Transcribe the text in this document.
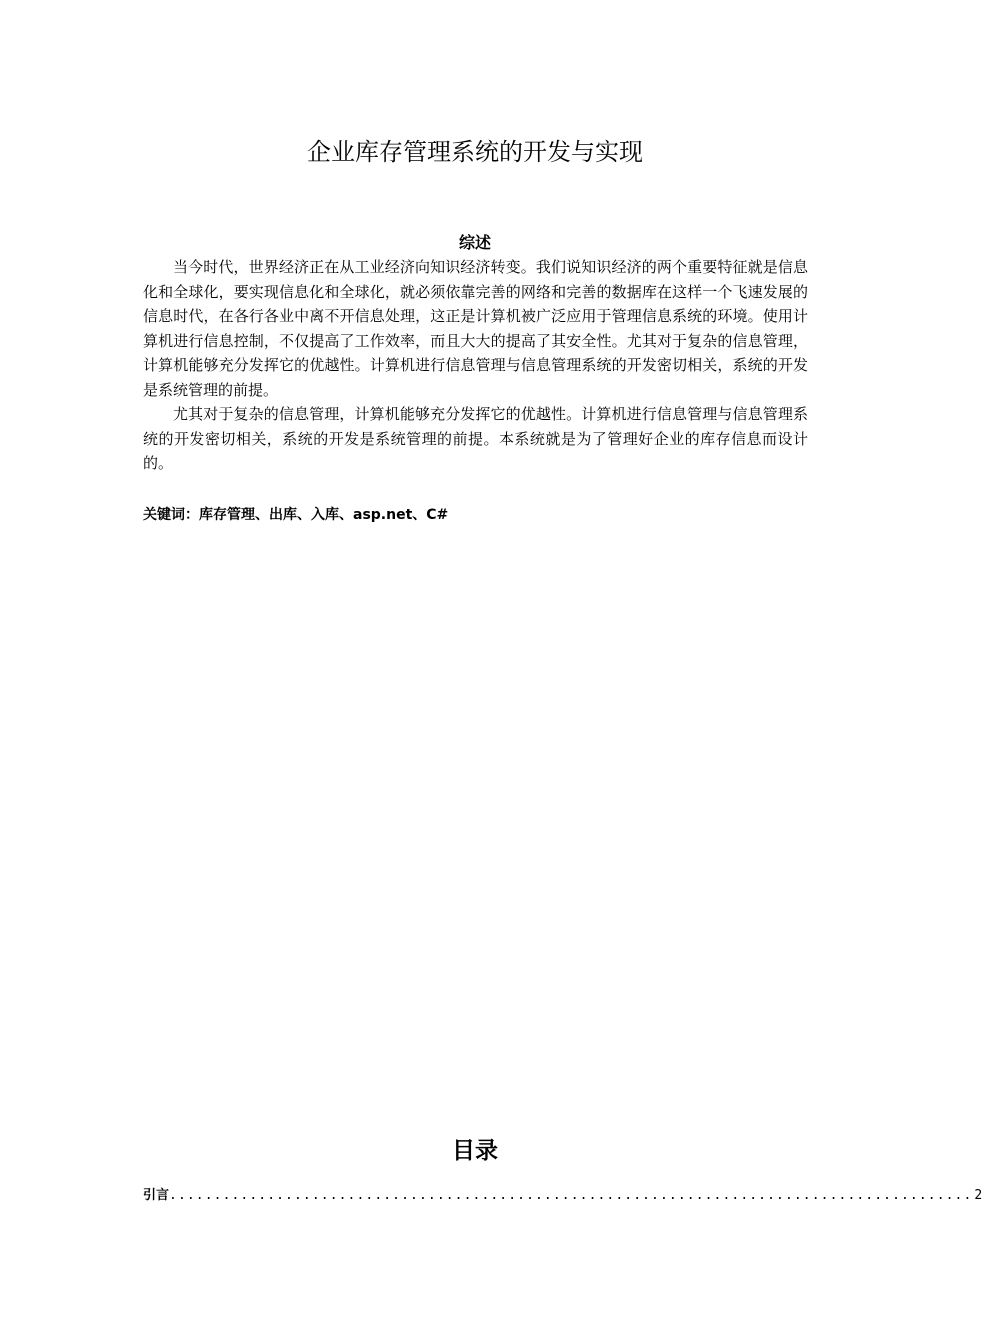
企业库存管理系统的开发与实现
综述

当今时代，世界经济正在从工业经济向知识经济转变。我们说知识经济的两个重要特征就是信息化和全球化，要实现信息化和全球化，就必须依靠完善的网络和完善的数据库在这样一个飞速发展的信息时代，在各行各业中离不开信息处理，这正是计算机被广泛应用于管理信息系统的环境。使用计算机进行信息控制，不仅提高了工作效率，而且大大的提高了其安全性。尤其对于复杂的信息管理，计算机能够充分发挥它的优越性。计算机进行信息管理与信息管理系统的开发密切相关，系统的开发是系统管理的前提。

尤其对于复杂的信息管理，计算机能够充分发挥它的优越性。计算机进行信息管理与信息管理系统的开发密切相关，系统的开发是系统管理的前提。本系统就是为了管理好企业的库存信息而设计的。

关键词：库存管理、出库、入库、asp.net、C#
目录
引言 .......................................................................................... 2
